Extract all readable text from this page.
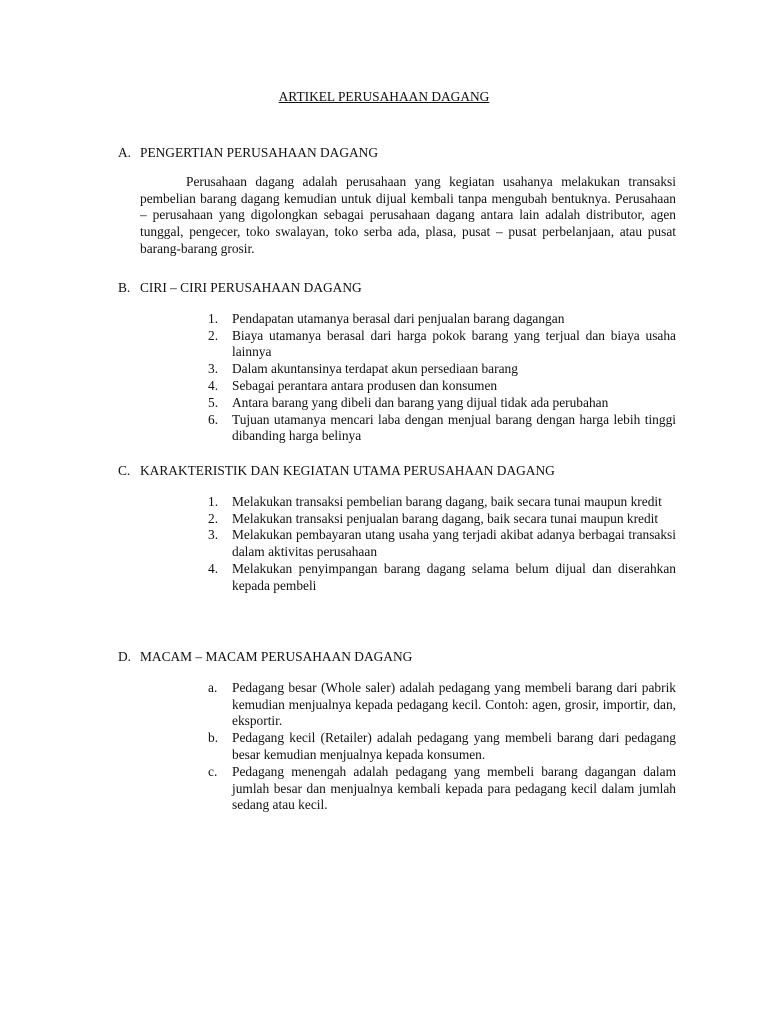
ARTIKEL PERUSAHAAN DAGANG
A. PENGERTIAN PERUSAHAAN DAGANG

Perusahaan dagang adalah perusahaan yang kegiatan usahanya melakukan transaksi pembelian barang dagang kemudian untuk dijual kembali tanpa mengubah bentuknya. Perusahaan – perusahaan yang digolongkan sebagai perusahaan dagang antara lain adalah distributor, agen tunggal, pengecer, toko swalayan, toko serba ada, plasa, pusat – pusat perbelanjaan, atau pusat barang-barang grosir.

B. CIRI – CIRI PERUSAHAAN DAGANG
1.	Pendapatan utamanya berasal dari penjualan barang dagangan
2.	Biaya utamanya berasal dari harga pokok barang yang terjual dan biaya usaha lainnya
3.	Dalam akuntansinya terdapat akun persediaan barang
4.	Sebagai perantara antara produsen dan konsumen
5.	Antara barang yang dibeli dan barang yang dijual tidak ada perubahan
6.	Tujuan utamanya mencari laba dengan menjual barang dengan harga lebih tinggi dibanding harga belinya
C. KARAKTERISTIK DAN KEGIATAN UTAMA PERUSAHAAN DAGANG
1.	Melakukan transaksi pembelian barang dagang, baik secara tunai maupun kredit
2.	Melakukan transaksi penjualan barang dagang, baik secara tunai maupun kredit
3.	Melakukan pembayaran utang usaha yang terjadi akibat adanya berbagai transaksi dalam aktivitas perusahaan
4.	Melakukan penyimpangan barang dagang selama belum dijual dan diserahkan kepada pembeli
D. MACAM – MACAM PERUSAHAAN DAGANG
a.	Pedagang besar (Whole saler) adalah pedagang yang membeli barang dari pabrik kemudian menjualnya kepada pedagang kecil. Contoh: agen, grosir, importir, dan, eksportir.
b.	Pedagang kecil (Retailer) adalah pedagang yang membeli barang dari pedagang besar kemudian menjualnya kepada konsumen.
c.	Pedagang menengah adalah pedagang yang membeli barang dagangan dalam jumlah besar dan menjualnya kembali kepada para pedagang kecil dalam jumlah sedang atau kecil.
